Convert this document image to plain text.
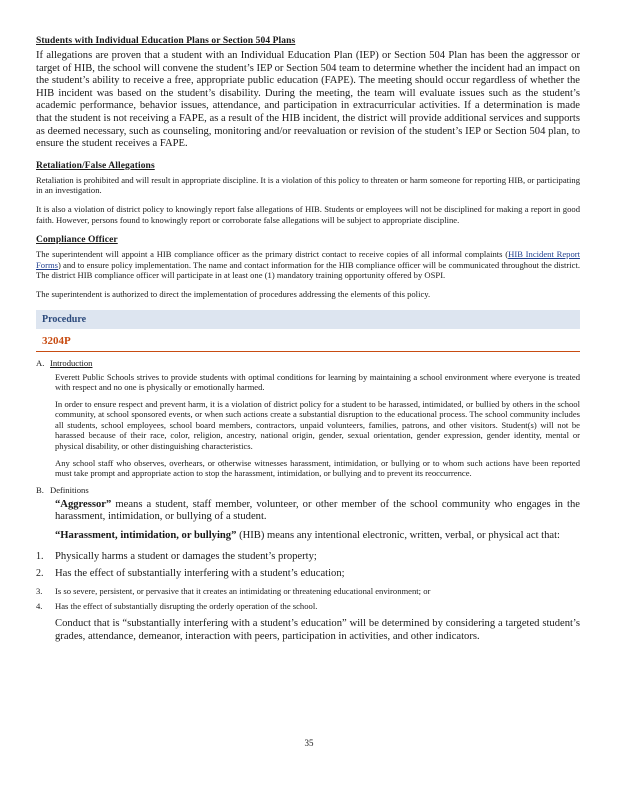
Students with Individual Education Plans or Section 504 Plans

If allegations are proven that a student with an Individual Education Plan (IEP) or Section 504 Plan has been the aggressor or target of HIB, the school will convene the student’s IEP or Section 504 team to determine whether the incident had an impact on the student’s ability to receive a free, appropriate public education (FAPE). The meeting should occur regardless of whether the HIB incident was based on the student’s disability. During the meeting, the team will evaluate issues such as the student’s academic performance, behavior issues, attendance, and participation in extracurricular activities. If a determination is made that the student is not receiving a FAPE, as a result of the HIB incident, the district will provide additional services and supports as deemed necessary, such as counseling, monitoring and/or reevaluation or revision of the student’s IEP or Section 504 plan, to ensure the student receives a FAPE.

Retaliation/False Allegations

Retaliation is prohibited and will result in appropriate discipline. It is a violation of this policy to threaten or harm someone for reporting HIB, or participating in an investigation.

It is also a violation of district policy to knowingly report false allegations of HIB. Students or employees will not be disciplined for making a report in good faith. However, persons found to knowingly report or corroborate false allegations will be subject to appropriate discipline.

Compliance Officer

The superintendent will appoint a HIB compliance officer as the primary district contact to receive copies of all informal complaints (HIB Incident Report Forms) and to ensure policy implementation. The name and contact information for the HIB compliance officer will be communicated throughout the district. The district HIB compliance officer will participate in at least one (1) mandatory training opportunity offered by OSPI.

The superintendent is authorized to direct the implementation of procedures addressing the elements of this policy.

Procedure
3204P
A. Introduction

Everett Public Schools strives to provide students with optimal conditions for learning by maintaining a school environment where everyone is treated with respect and no one is physically or emotionally harmed.

In order to ensure respect and prevent harm, it is a violation of district policy for a student to be harassed, intimidated, or bullied by others in the school community, at school sponsored events, or when such actions create a substantial disruption to the educational process. The school community includes all students, school employees, school board members, contractors, unpaid volunteers, families, patrons, and other visitors. Student(s) will not be harassed because of their race, color, religion, ancestry, national origin, gender, sexual orientation, gender expression, gender identity, mental or physical disability, or other distinguishing characteristics.

Any school staff who observes, overhears, or otherwise witnesses harassment, intimidation, or bullying or to whom such actions have been reported must take prompt and appropriate action to stop the harassment, intimidation, or bullying and to prevent its reoccurrence.

B. Definitions

“Aggressor” means a student, staff member, volunteer, or other member of the school community who engages in the harassment, intimidation, or bullying of a student.

“Harassment, intimidation, or bullying” (HIB) means any intentional electronic, written, verbal, or physical act that:

1.	Physically harms a student or damages the student’s property;
2.	Has the effect of substantially interfering with a student’s education;
3.	Is so severe, persistent, or pervasive that it creates an intimidating or threatening educational environment; or
4.	Has the effect of substantially disrupting the orderly operation of the school.

Conduct that is “substantially interfering with a student’s education” will be determined by considering a targeted student’s grades, attendance, demeanor, interaction with peers, participation in activities, and other indicators.

35
